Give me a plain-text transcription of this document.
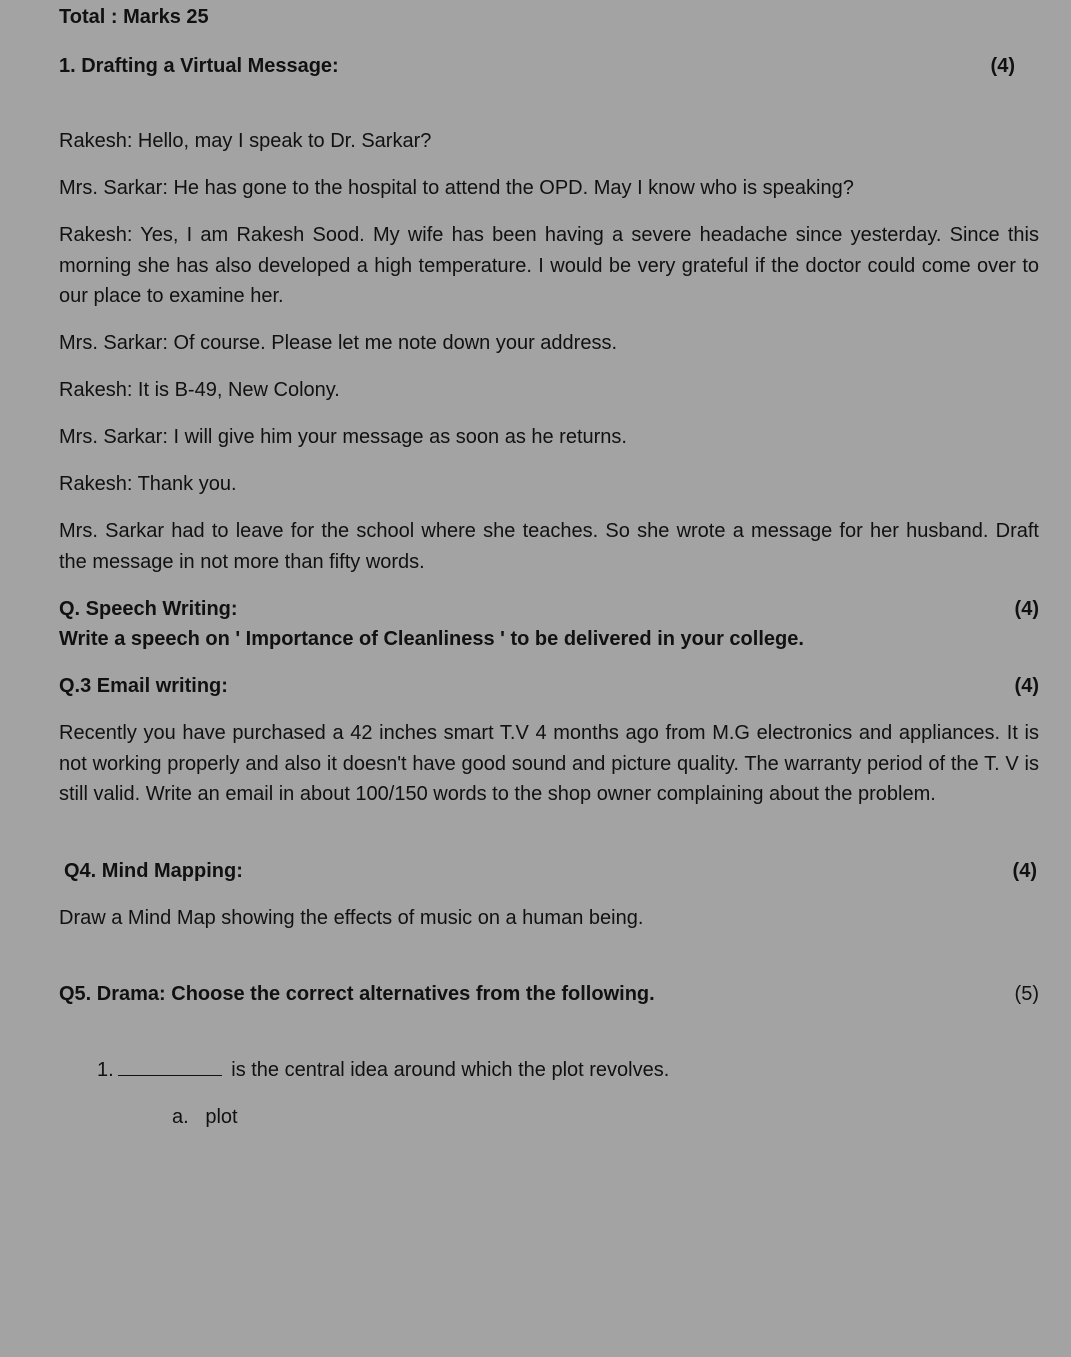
Total : Marks 25
1. Drafting a Virtual Message:	(4)
Rakesh: Hello, may I speak to Dr. Sarkar?
Mrs. Sarkar: He has gone to the hospital to attend the OPD. May I know who is speaking?
Rakesh: Yes, I am Rakesh Sood. My wife has been having a severe headache since yesterday. Since this morning she has also developed a high temperature. I would be very grateful if the doctor could come over to our place to examine her.
Mrs. Sarkar: Of course. Please let me note down your address.
Rakesh: It is B-49, New Colony.
Mrs. Sarkar: I will give him your message as soon as he returns.
Rakesh: Thank you.
Mrs. Sarkar had to leave for the school where she teaches. So she wrote a message for her husband. Draft the message in not more than fifty words.
Q. Speech Writing:	(4)
Write a speech on ' Importance of Cleanliness ' to be delivered in your college.
Q.3 Email writing:	(4)
Recently you have purchased a 42 inches smart T.V 4 months ago from M.G electronics and appliances. It is not working properly and also it doesn't have good sound and picture quality. The warranty period of the T. V is still valid. Write an email in about 100/150 words to the shop owner complaining about the problem.
Q4. Mind Mapping:	(4)
Draw a Mind Map showing the effects of music on a human being.
Q5. Drama: Choose the correct alternatives from the following.	(5)
1.	is the central idea around which the plot revolves.
a. plot
